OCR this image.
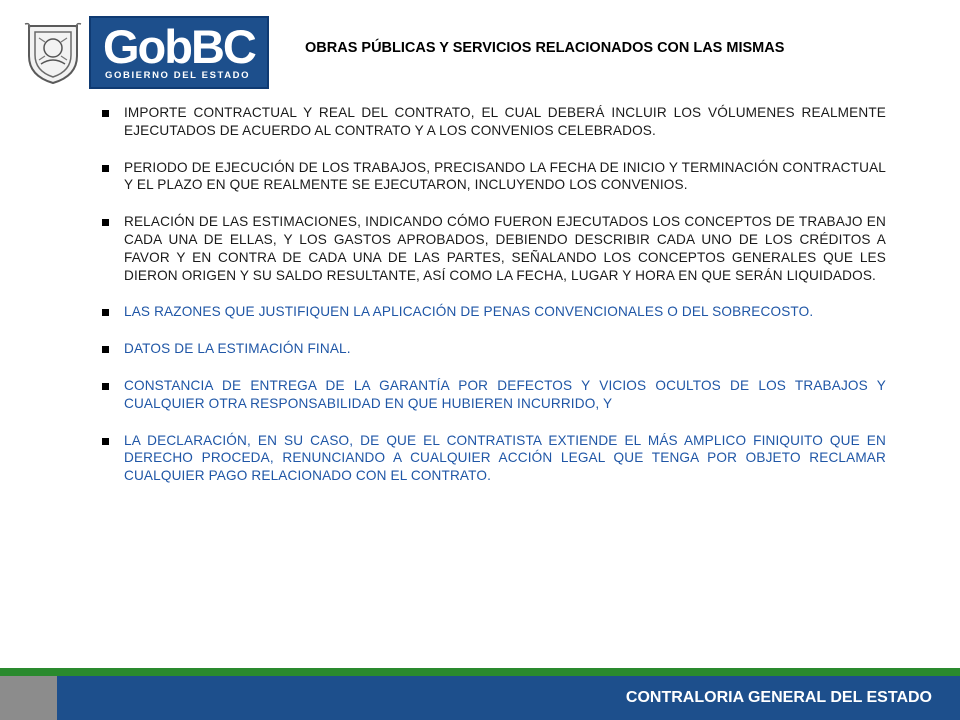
GobBC
GOBIERNO DEL ESTADO
OBRAS PÚBLICAS Y SERVICIOS RELACIONADOS CON LAS MISMAS
IMPORTE CONTRACTUAL Y REAL DEL CONTRATO, EL CUAL DEBERÁ INCLUIR LOS VÓLUMENES REALMENTE EJECUTADOS DE ACUERDO AL CONTRATO Y A LOS CONVENIOS CELEBRADOS.
PERIODO DE EJECUCIÓN DE LOS TRABAJOS, PRECISANDO LA FECHA DE INICIO Y TERMINACIÓN CONTRACTUAL Y EL PLAZO EN QUE REALMENTE SE EJECUTARON, INCLUYENDO LOS CONVENIOS.
RELACIÓN DE LAS ESTIMACIONES, INDICANDO CÓMO FUERON EJECUTADOS LOS CONCEPTOS DE TRABAJO EN CADA UNA DE ELLAS, Y LOS GASTOS APROBADOS, DEBIENDO DESCRIBIR CADA UNO DE LOS CRÉDITOS A FAVOR Y EN CONTRA DE CADA UNA DE LAS PARTES, SEÑALANDO LOS CONCEPTOS GENERALES QUE LES DIERON ORIGEN Y SU SALDO RESULTANTE, ASÍ COMO LA FECHA, LUGAR Y HORA EN QUE SERÁN LIQUIDADOS.
LAS RAZONES QUE JUSTIFIQUEN LA APLICACIÓN DE PENAS CONVENCIONALES O DEL SOBRECOSTO.
DATOS DE LA ESTIMACIÓN FINAL.
CONSTANCIA DE ENTREGA DE LA GARANTÍA POR DEFECTOS Y VICIOS OCULTOS DE LOS TRABAJOS Y CUALQUIER OTRA RESPONSABILIDAD EN QUE HUBIEREN INCURRIDO, Y
LA DECLARACIÓN, EN SU CASO, DE QUE EL CONTRATISTA EXTIENDE EL MÁS AMPLICO FINIQUITO QUE EN DERECHO PROCEDA, RENUNCIANDO A CUALQUIER ACCIÓN LEGAL QUE TENGA POR OBJETO RECLAMAR CUALQUIER PAGO RELACIONADO CON EL CONTRATO.
CONTRALORIA GENERAL DEL ESTADO
